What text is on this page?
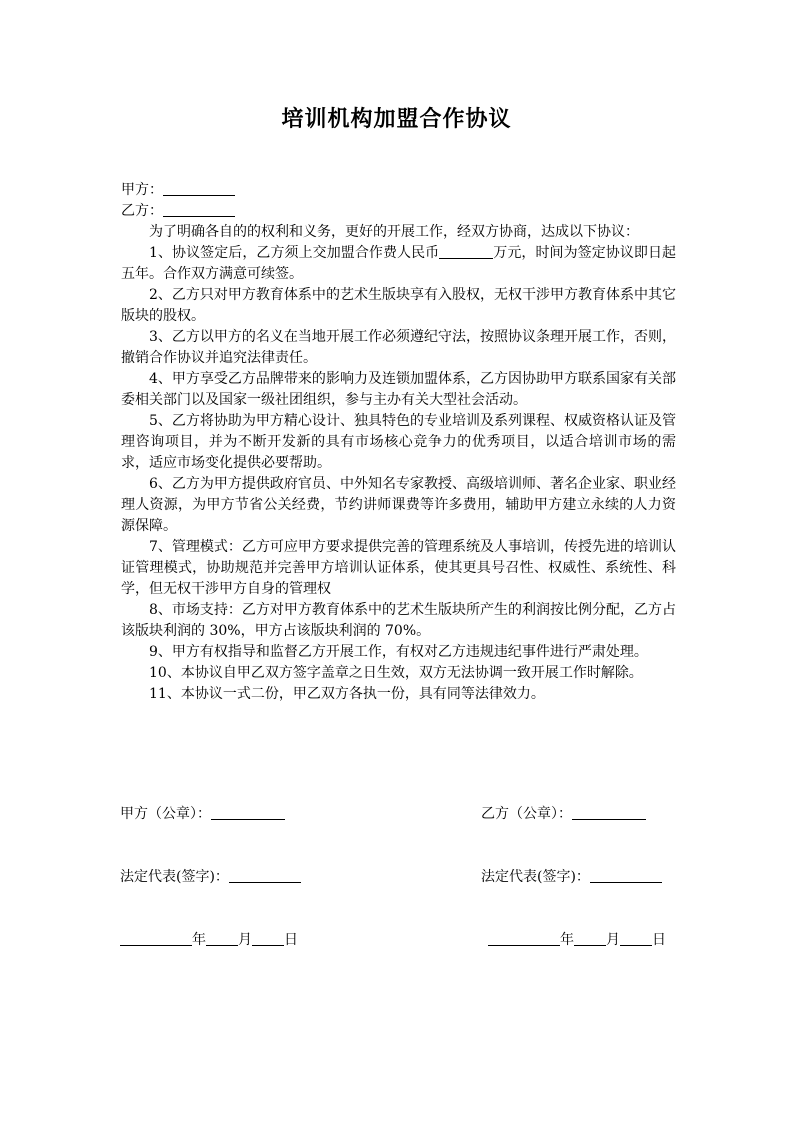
培训机构加盟合作协议
甲方：
乙方：

为了明确各自的的权利和义务，更好的开展工作，经双方协商，达成以下协议：

1、协议签定后，乙方须上交加盟合作费人民币	万元，时间为签定协议即日起五年。合作双方满意可续签。

2、乙方只对甲方教育体系中的艺术生版块享有入股权，无权干涉甲方教育体系中其它版块的股权。

3、乙方以甲方的名义在当地开展工作必须遵纪守法，按照协议条理开展工作，否则，撤销合作协议并追究法律责任。

4、甲方享受乙方品牌带来的影响力及连锁加盟体系，乙方因协助甲方联系国家有关部委相关部门以及国家一级社团组织，参与主办有关大型社会活动。

5、乙方将协助为甲方精心设计、独具特色的专业培训及系列课程、权威资格认证及管理咨询项目，并为不断开发新的具有市场核心竞争力的优秀项目，以适合培训市场的需求，适应市场变化提供必要帮助。

6、乙方为甲方提供政府官员、中外知名专家教授、高级培训师、著名企业家、职业经理人资源，为甲方节省公关经费，节约讲师课费等许多费用，辅助甲方建立永续的人力资源保障。

7、管理模式：乙方可应甲方要求提供完善的管理系统及人事培训，传授先进的培训认证管理模式，协助规范并完善甲方培训认证体系，使其更具号召性、权威性、系统性、科学，但无权干涉甲方自身的管理权

8、市场支持：乙方对甲方教育体系中的艺术生版块所产生的利润按比例分配，乙方占该版块利润的 30%，甲方占该版块利润的 70%。

9、甲方有权指导和监督乙方开展工作，有权对乙方违规违纪事件进行严肃处理。

10、本协议自甲乙双方签字盖章之日生效，双方无法协调一致开展工作时解除。

11、本协议一式二份，甲乙双方各执一份，具有同等法律效力。

甲方（公章）：	乙方（公章）：
法定代表(签字)：	法定代表(签字)：
年 月 日	年 月 日
